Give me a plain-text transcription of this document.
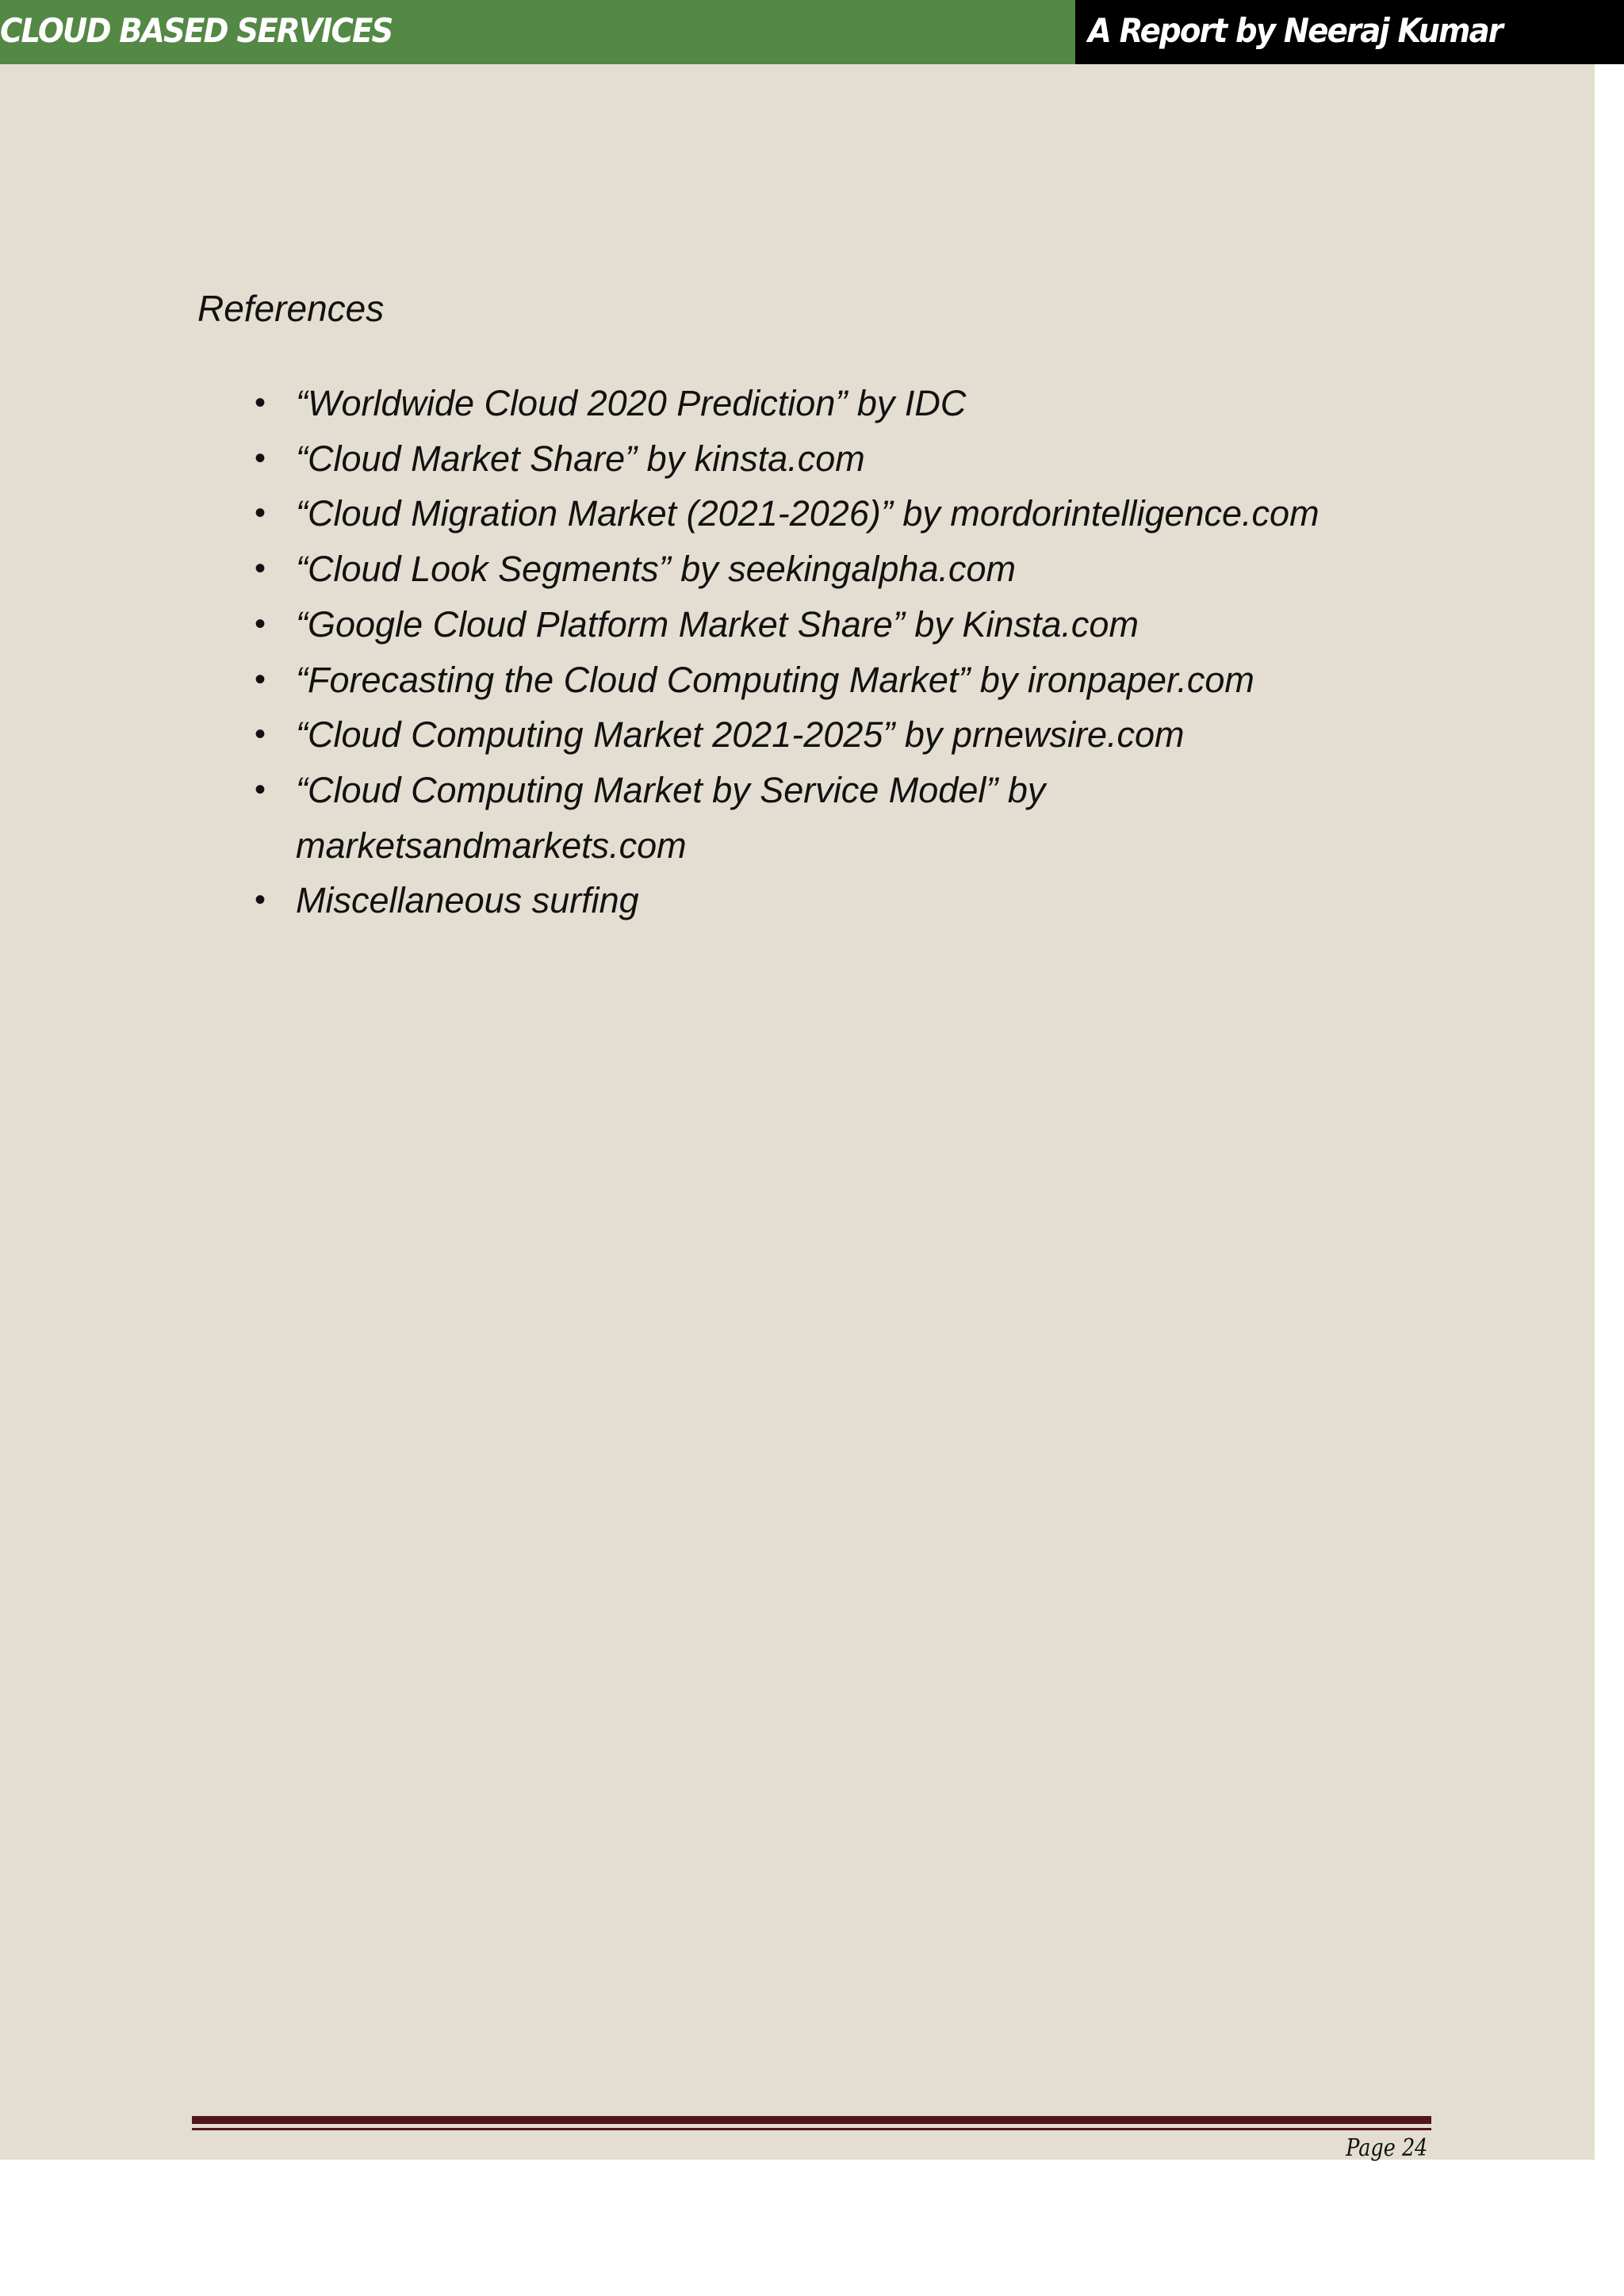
CLOUD BASED SERVICES	A Report by Neeraj Kumar
References
• “Worldwide Cloud 2020 Prediction” by IDC
• “Cloud Market Share” by kinsta.com
• “Cloud Migration Market (2021-2026)” by mordorintelligence.com
• “Cloud Look Segments” by seekingalpha.com
• “Google Cloud Platform Market Share” by Kinsta.com
• “Forecasting the Cloud Computing Market” by ironpaper.com
• “Cloud Computing Market 2021-2025” by prnewsire.com
• “Cloud Computing Market by Service Model” by marketsandmarkets.com
• Miscellaneous surfing
Page 24
